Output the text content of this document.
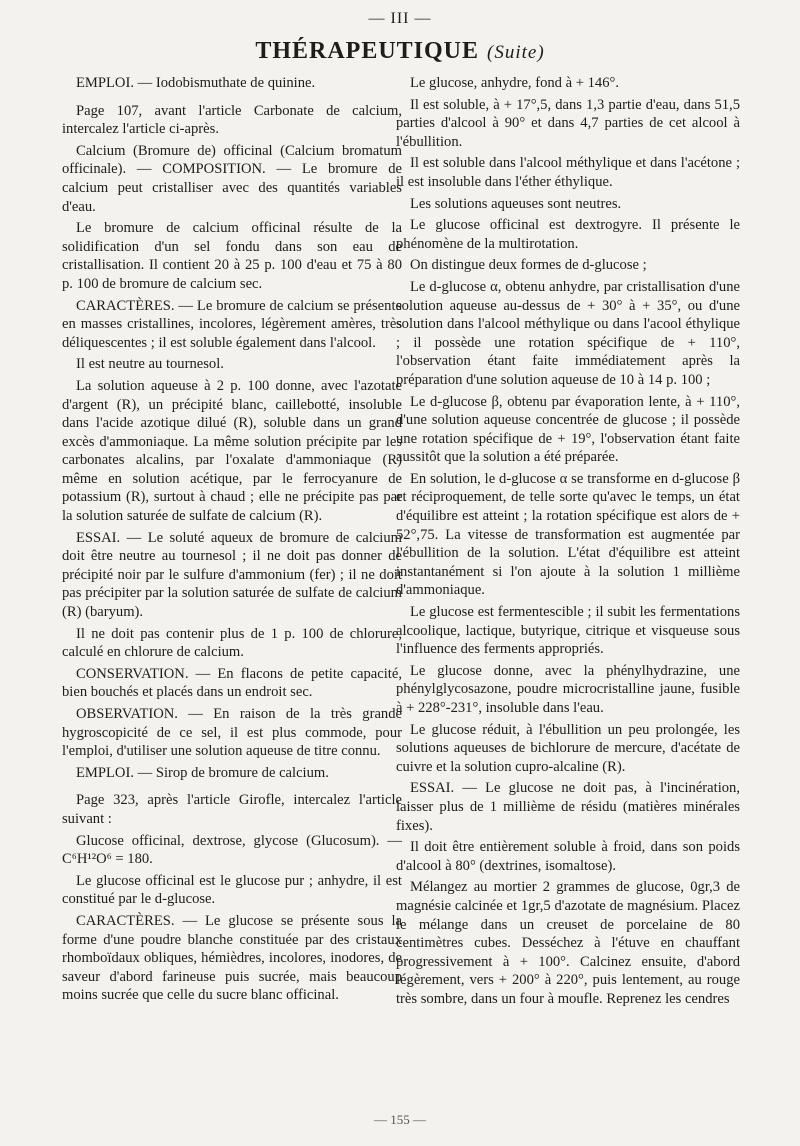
— III —
THÉRAPEUTIQUE (Suite)

EMPLOI. — Iodobismuthate de quinine.

Page 107, avant l'article Carbonate de calcium, intercalez l'article ci-après.

Calcium (Bromure de) officinal (Calcium bromatum officinale). — COMPOSITION. — Le bromure de calcium peut cristalliser avec des quantités variables d'eau.

Le bromure de calcium officinal résulte de la solidification d'un sel fondu dans son eau de cristallisation. Il contient 20 à 25 p. 100 d'eau et 75 à 80 p. 100 de bromure de calcium sec.

CARACTÈRES. — Le bromure de calcium se présente en masses cristallines, incolores, légèrement amères, très déliquescentes ; il est soluble également dans l'alcool.

Il est neutre au tournesol.

La solution aqueuse à 2 p. 100 donne, avec l'azotate d'argent (R), un précipité blanc, caillebotté, insoluble dans l'acide azotique dilué (R), soluble dans un grand excès d'ammoniaque. La même solution précipite par les carbonates alcalins, par l'oxalate d'ammoniaque (R) même en solution acétique, par le ferrocyanure de potassium (R), surtout à chaud ; elle ne précipite pas par la solution saturée de sulfate de calcium (R).

ESSAI. — Le soluté aqueux de bromure de calcium doit être neutre au tournesol ; il ne doit pas donner de précipité noir par le sulfure d'ammonium (fer) ; il ne doit pas précipiter par la solution saturée de sulfate de calcium (R) (baryum).

Il ne doit pas contenir plus de 1 p. 100 de chlorure, calculé en chlorure de calcium.

CONSERVATION. — En flacons de petite capacité, bien bouchés et placés dans un endroit sec.

OBSERVATION. — En raison de la très grande hygroscopicité de ce sel, il est plus commode, pour l'emploi, d'utiliser une solution aqueuse de titre connu.

EMPLOI. — Sirop de bromure de calcium.

Page 323, après l'article Girofle, intercalez l'article suivant :

Glucose officinal, dextrose, glycose (Glucosum). — C⁶H¹²O⁶ = 180.

Le glucose officinal est le glucose pur ; anhydre, il est constitué par le d-glucose.

CARACTÈRES. — Le glucose se présente sous la forme d'une poudre blanche constituée par des cristaux rhomboïdaux obliques, hémièdres, incolores, inodores, de saveur d'abord farineuse puis sucrée, mais beaucoup moins sucrée que celle du sucre blanc officinal.

Le glucose, anhydre, fond à + 146°.

Il est soluble, à + 17°,5, dans 1,3 partie d'eau, dans 51,5 parties d'alcool à 90° et dans 4,7 parties de cet alcool à l'ébullition.

Il est soluble dans l'alcool méthylique et dans l'acétone ; il est insoluble dans l'éther éthylique.

Les solutions aqueuses sont neutres.

Le glucose officinal est dextrogyre. Il présente le phénomène de la multirotation.

On distingue deux formes de d-glucose ;

Le d-glucose α, obtenu anhydre, par cristallisation d'une solution aqueuse au-dessus de + 30° à + 35°, ou d'une solution dans l'alcool méthylique ou dans l'acool éthylique ; il possède une rotation spécifique de + 110°, l'observation étant faite immédiatement après la préparation d'une solution aqueuse de 10 à 14 p. 100 ;

Le d-glucose β, obtenu par évaporation lente, à + 110°, d'une solution aqueuse concentrée de glucose ; il possède une rotation spécifique de + 19°, l'observation étant faite aussitôt que la solution a été préparée.

En solution, le d-glucose α se transforme en d-glucose β et réciproquement, de telle sorte qu'avec le temps, un état d'équilibre est atteint ; la rotation spécifique est alors de + 52°,75. La vitesse de transformation est augmentée par l'ébullition de la solution. L'état d'équilibre est atteint instantanément si l'on ajoute à la solution 1 millième d'ammoniaque.

Le glucose est fermentescible ; il subit les fermentations alcoolique, lactique, butyrique, citrique et visqueuse sous l'influence des ferments appropriés.

Le glucose donne, avec la phénylhydrazine, une phénylglycosazone, poudre microcristalline jaune, fusible à + 228°-231°, insoluble dans l'eau.

Le glucose réduit, à l'ébullition un peu prolongée, les solutions aqueuses de bichlorure de mercure, d'acétate de cuivre et la solution cupro-alcaline (R).

ESSAI. — Le glucose ne doit pas, à l'incinération, laisser plus de 1 millième de résidu (matières minérales fixes).

Il doit être entièrement soluble à froid, dans son poids d'alcool à 80° (dextrines, isomaltose).

Mélangez au mortier 2 grammes de glucose, 0gr,3 de magnésie calcinée et 1gr,5 d'azotate de magnésium. Placez le mélange dans un creuset de porcelaine de 80 centimètres cubes. Desséchez à l'étuve en chauffant progressivement à + 100°. Calcinez ensuite, d'abord légèrement, vers + 200° à 220°, puis lentement, au rouge très sombre, dans un four à moufle. Reprenez les cendres

— 155 —
